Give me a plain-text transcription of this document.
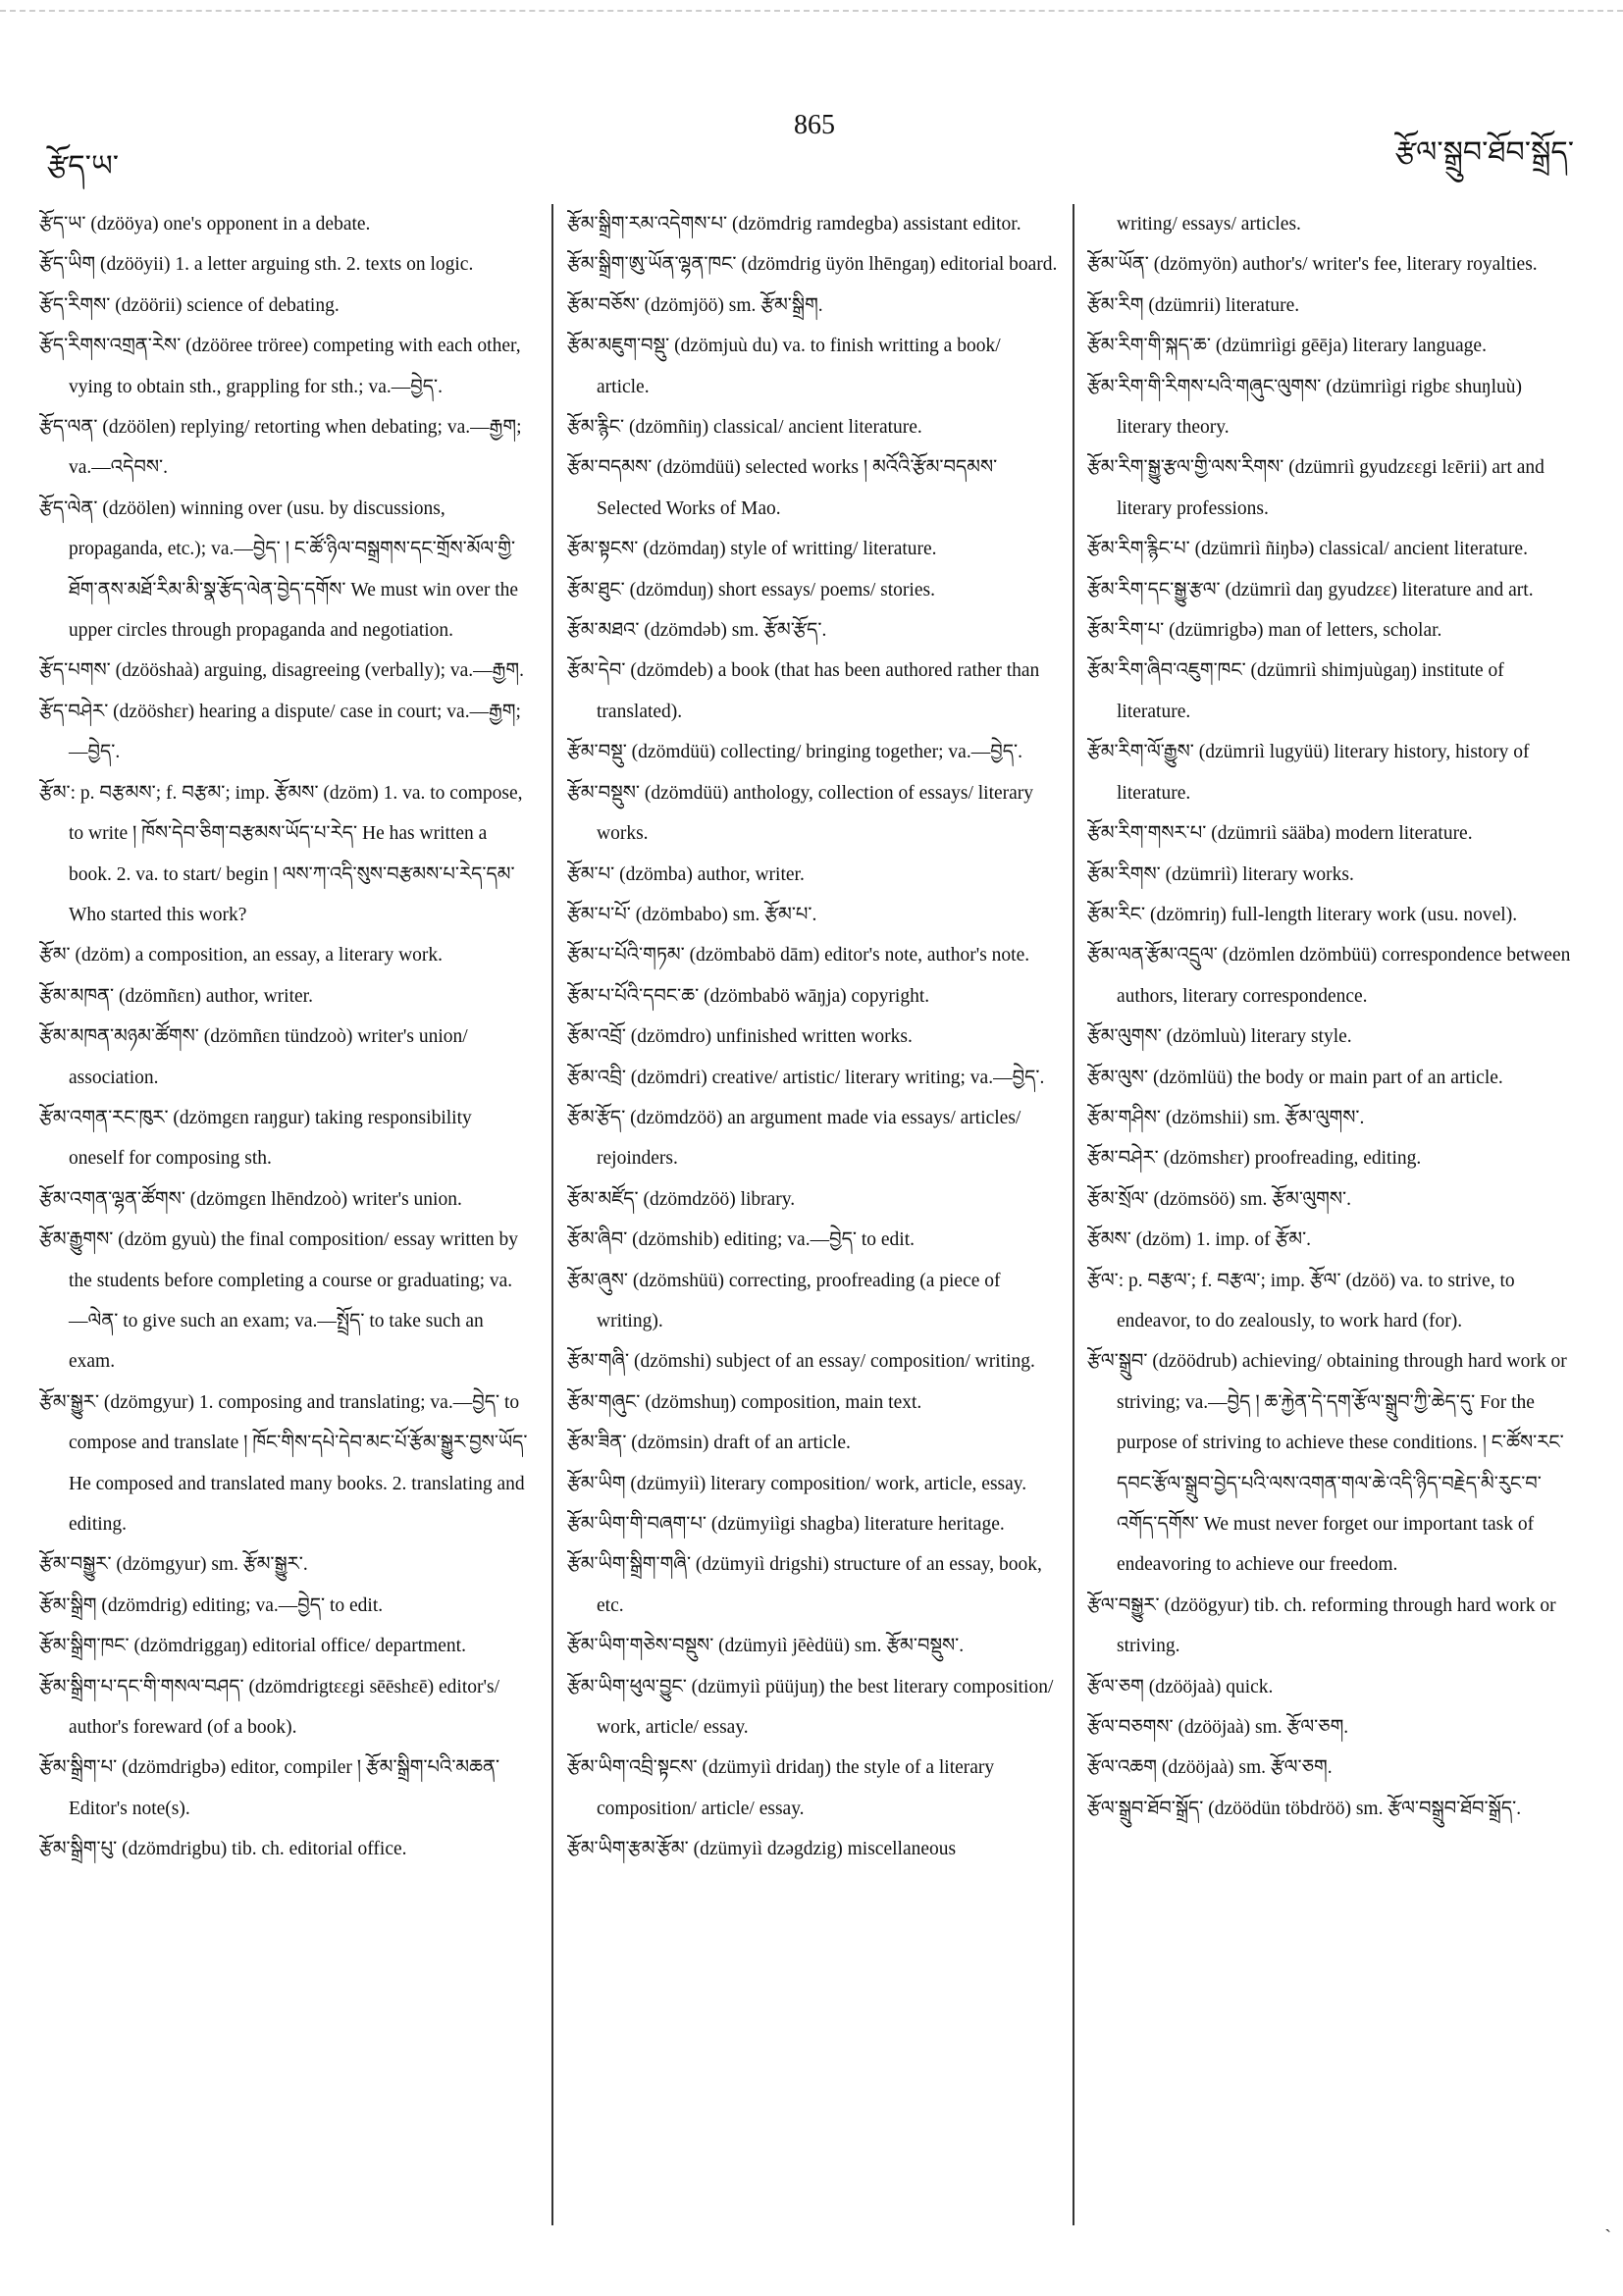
རྩོད་ཡ་
865
རྩོལ་སྒྲུབ་ཐོབ་སྒྲོད་

རྩོད་ཡ་ (dzööya) one's opponent in a debate.

རྩོད་ཡིག (dzööyii) 1. a letter arguing sth. 2. texts on logic.

རྩོད་རིགས་ (dzöörii) science of debating.

རྩོད་རིགས་འགྲན་རེས་ (dzööree tröree) competing with each other, vying to obtain sth., grappling for sth.; va.—བྱེད་.

རྩོད་ལན་ (dzöölen) replying/ retorting when debating; va.—རྒྱག; va.—འདེབས་.

རྩོད་ལེན་ (dzöölen) winning over (usu. by discussions, propaganda, etc.); va.—བྱེད་ ། ང་ཚོ་ཉིལ་བསྒྲགས་དང་གྲོས་མོལ་གྱི་ཐོག་ནས་མཐོ་རིམ་མི་སྣ་རྩོད་ལེན་བྱེད་དགོས་ We must win over the upper circles through propaganda and negotiation.

རྩོད་པགས་ (dzööshaà) arguing, disagreeing (verbally); va.—རྒྱག.

རྩོད་བཤེར་ (dzööshεr) hearing a dispute/ case in court; va.—རྒྱག; —བྱེད་.

རྩོམ་: p. བརྩམས་; f. བརྩམ་; imp. རྩོམས་ (dzöm) 1. va. to compose, to write ། ཁོས་དེབ་ཅིག་བརྩམས་ཡོད་པ་རེད་ He has written a book. 2. va. to start/ begin ། ལས་ཀ་འདི་སུས་བརྩམས་པ་རེད་དམ་ Who started this work?

རྩོམ་ (dzöm) a composition, an essay, a literary work.

རྩོམ་མཁན་ (dzömñεn) author, writer.

རྩོམ་མཁན་མཉམ་ཚོགས་ (dzömñεn tündzoò) writer's union/ association.

རྩོམ་འགན་རང་ཁུར་ (dzömgεn raŋgur) taking responsibility oneself for composing sth.

རྩོམ་འགན་ལྷན་ཚོགས་ (dzömgεn lhēndzoò) writer's union.

རྩོམ་རྒྱུགས་ (dzöm gyuù) the final composition/ essay written by the students before completing a course or graduating; va.—ལེན་ to give such an exam; va.—སྤྲོད་ to take such an exam.

རྩོམ་སྒྱུར་ (dzömgyur) 1. composing and translating; va.—བྱེད་ to compose and translate ། ཁོང་གིས་དཔེ་དེབ་མང་པོ་རྩོམ་སྒྱུར་བྱས་ཡོད་ He composed and translated many books. 2. translating and editing.

རྩོམ་བསྒྱུར་ (dzömgyur) sm. རྩོམ་སྒྱུར་.

རྩོམ་སྒྲིག (dzömdrig) editing; va.—བྱེད་ to edit.

རྩོམ་སྒྲིག་ཁང་ (dzömdriggaŋ) editorial office/ department.

རྩོམ་སྒྲིག་པ་དང་གི་གསལ་བཤད་ (dzömdrigtεεgi sēēshεē) editor's/ author's foreward (of a book).

རྩོམ་སྒྲིག་པ་ (dzömdrigbə) editor, compiler ། རྩོམ་སྒྲིག་པའི་མཆན་ Editor's note(s).

རྩོམ་སྒྲིག་པུ་ (dzömdrigbu) tib. ch. editorial office.

རྩོམ་སྒྲིག་རམ་འདེགས་པ་ (dzömdrig ramdegba) assistant editor.

རྩོམ་སྒྲིག་ཨུ་ཡོན་ལྷན་ཁང་ (dzömdrig üyön lhēngaŋ) editorial board.

རྩོམ་བཅོས་ (dzömjöö) sm. རྩོམ་སྒྲིག.

རྩོམ་མཇུག་བསྡུ་ (dzömjuù du) va. to finish writting a book/ article.

རྩོམ་རྙིང་ (dzömñiŋ) classical/ ancient literature.

རྩོམ་བདམས་ (dzömdüü) selected works ། མའོའི་རྩོམ་བདམས་ Selected Works of Mao.

རྩོམ་སྟངས་ (dzömdaŋ) style of writting/ literature.

རྩོམ་ཐུང་ (dzömduŋ) short essays/ poems/ stories.

རྩོམ་མཐའ་ (dzömdəb) sm. རྩོམ་རྩོད་.

རྩོམ་དེབ་ (dzömdeb) a book (that has been authored rather than translated).

རྩོམ་བསྡུ་ (dzömdüü) collecting/ bringing together; va.—བྱེད་.

རྩོམ་བསྡུས་ (dzömdüü) anthology, collection of essays/ literary works.

རྩོམ་པ་ (dzömba) author, writer.

རྩོམ་པ་པོ་ (dzömbabo) sm. རྩོམ་པ་.

རྩོམ་པ་པོའི་གཏམ་ (dzömbabö dām) editor's note, author's note.

རྩོམ་པ་པོའི་དབང་ཆ་ (dzömbabö wāŋja) copyright.

རྩོམ་འབྲོ་ (dzömdro) unfinished written works.

རྩོམ་འབྲི་ (dzömdri) creative/ artistic/ literary writing; va.—བྱེད་.

རྩོམ་རྩོད་ (dzömdzöö) an argument made via essays/ articles/ rejoinders.

རྩོམ་མཛོད་ (dzömdzöö) library.

རྩོམ་ཞིབ་ (dzömshib) editing; va.—བྱེད་ to edit.

རྩོམ་ཞུས་ (dzömshüü) correcting, proofreading (a piece of writing).

རྩོམ་གཞི་ (dzömshi) subject of an essay/ composition/ writing.

རྩོམ་གཞུང་ (dzömshuŋ) composition, main text.

རྩོམ་ཟིན་ (dzömsin) draft of an article.

རྩོམ་ཡིག (dzümyiì) literary composition/ work, article, essay.

རྩོམ་ཡིག་གི་བཞག་པ་ (dzümyiìgi shagba) literature heritage.

རྩོམ་ཡིག་སྒྲིག་གཞི་ (dzümyiì drigshi) structure of an essay, book, etc.

རྩོམ་ཡིག་གཅེས་བསྡུས་ (dzümyiì jēèdüü) sm. རྩོམ་བསྡུས་.

རྩོམ་ཡིག་ཕུལ་བྱུང་ (dzümyiì püüjuŋ) the best literary composition/ work, article/ essay.

རྩོམ་ཡིག་འབྲི་སྟངས་ (dzümyiì dridaŋ) the style of a literary composition/ article/ essay.

རྩོམ་ཡིག་རྩམ་རྩོམ་ (dzümyiì dzəgdzig) miscellaneous

writing/ essays/ articles.

རྩོམ་ཡོན་ (dzömyön) author's/ writer's fee, literary royalties.

རྩོམ་རིག (dzümrii) literature.

རྩོམ་རིག་གི་སྐད་ཆ་ (dzümriìgi gēēja) literary language.

རྩོམ་རིག་གི་རིགས་པའི་གཞུང་ལུགས་ (dzümriìgi rigbε shuŋluù) literary theory.

རྩོམ་རིག་སྒྱུ་རྩལ་གྱི་ལས་རིགས་ (dzümriì gyudzεεgi lεērii) art and literary professions.

རྩོམ་རིག་རྙིང་པ་ (dzümriì ñiŋbə) classical/ ancient literature.

རྩོམ་རིག་དང་སྒྱུ་རྩལ་ (dzümriì daŋ gyudzεε) literature and art.

རྩོམ་རིག་པ་ (dzümrigbə) man of letters, scholar.

རྩོམ་རིག་ཞིབ་འཇུག་ཁང་ (dzümriì shimjuùgaŋ) institute of literature.

རྩོམ་རིག་ལོ་རྒྱུས་ (dzümriì lugyüü) literary history, history of literature.

རྩོམ་རིག་གསར་པ་ (dzümriì sääba) modern literature.

རྩོམ་རིགས་ (dzümriì) literary works.

རྩོམ་རིང་ (dzömriŋ) full-length literary work (usu. novel).

རྩོམ་ལན་རྩོམ་འདྲུལ་ (dzömlen dzömbüü) correspondence between authors, literary correspondence.

རྩོམ་ལུགས་ (dzömluù) literary style.

རྩོམ་ལུས་ (dzömlüü) the body or main part of an article.

རྩོམ་གཤིས་ (dzömshii) sm. རྩོམ་ལུགས་.

རྩོམ་བཤེར་ (dzömshεr) proofreading, editing.

རྩོམ་སྲོལ་ (dzömsöö) sm. རྩོམ་ལུགས་.

རྩོམས་ (dzöm) 1. imp. of རྩོམ་.

རྩོལ་: p. བརྩལ་; f. བརྩལ་; imp. རྩོལ་ (dzöö) va. to strive, to endeavor, to do zealously, to work hard (for).

རྩོལ་སྒྲུབ་ (dzöödrub) achieving/ obtaining through hard work or striving; va.—བྱེད ། ཆ་རྐྱེན་དེ་དག་རྩོལ་སྒྲུབ་ཀྱི་ཆེད་དུ་ For the purpose of striving to achieve these conditions. ། ང་ཚོས་རང་དབང་རྩོལ་སྒྲུབ་བྱེད་པའི་ལས་འགན་གལ་ཆེ་འདི་ཉིད་བརྗེད་མི་རུང་བ་འགོད་དགོས་ We must never forget our important task of endeavoring to achieve our freedom.

རྩོལ་བསྒྱུར་ (dzöögyur) tib. ch. reforming through hard work or striving.

རྩོལ་ཅག (dzööjaà) quick.

རྩོལ་བཅགས་ (dzööjaà) sm. རྩོལ་ཅག.

རྩོལ་འཆག (dzööjaà) sm. རྩོལ་ཅག.

རྩོལ་སྒྲུབ་ཐོབ་སྒྲོད་ (dzöödün töbdröö) sm. རྩོལ་བསྒྲུབ་ཐོབ་སྒྲོད་.

`
